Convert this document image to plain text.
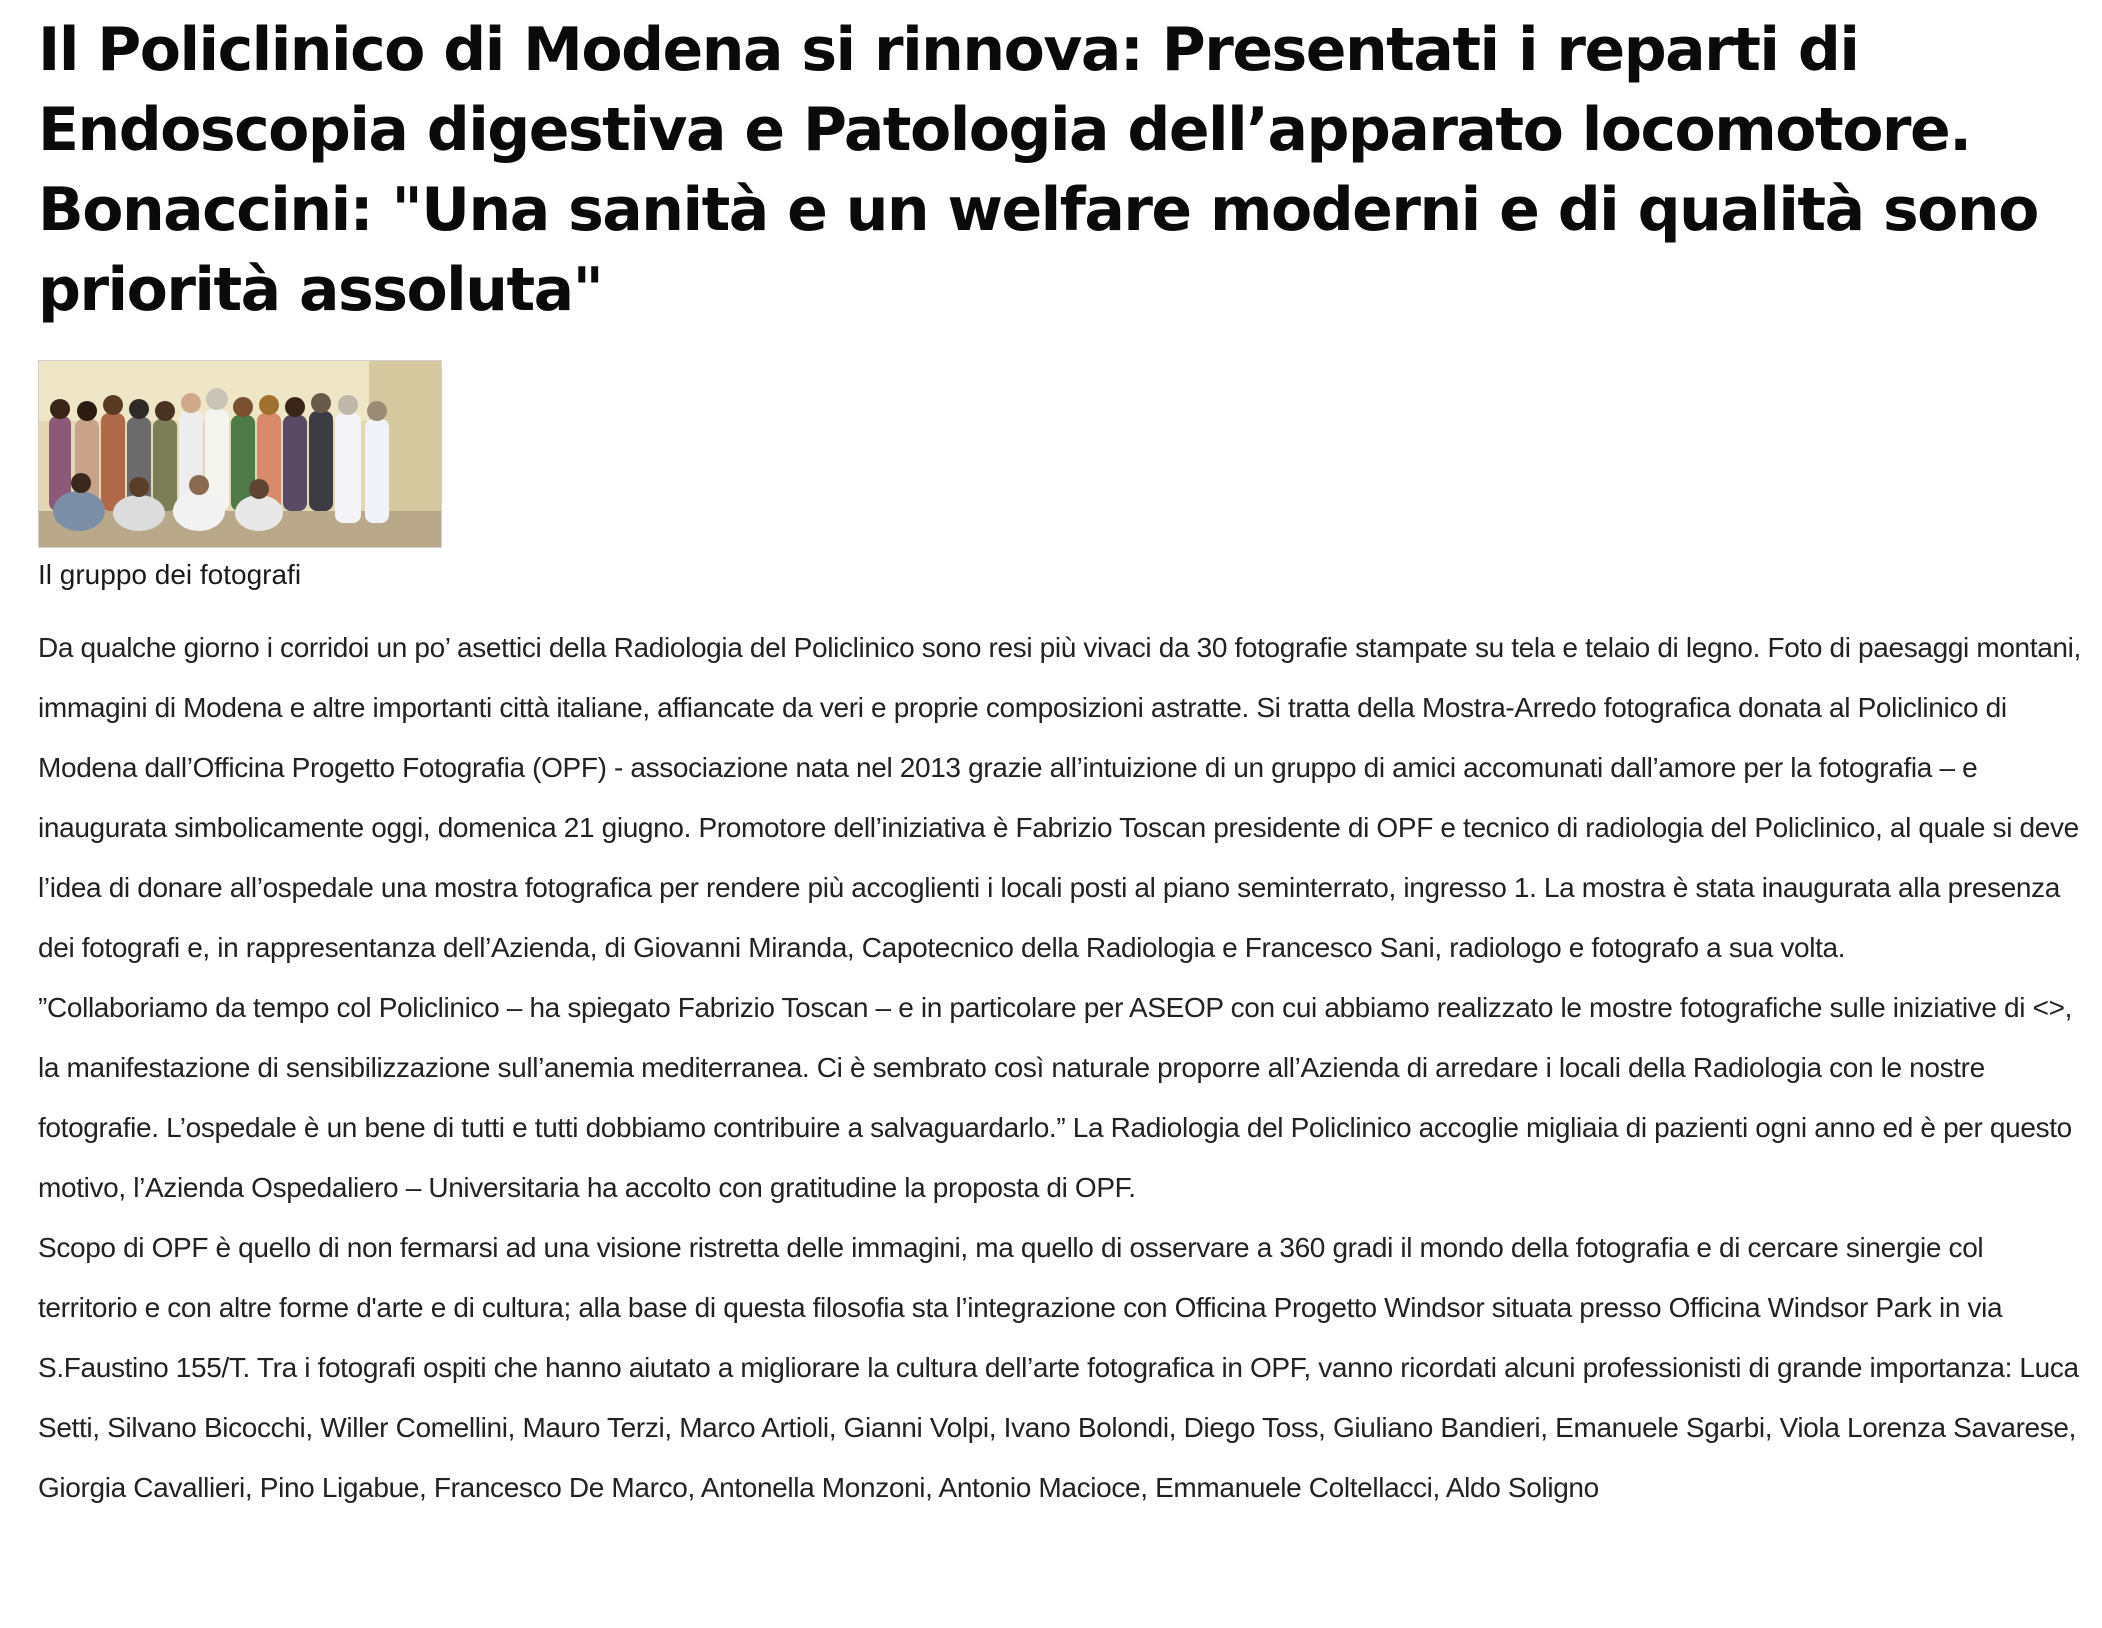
Il Policlinico di Modena si rinnova: Presentati i reparti di Endoscopia digestiva e Patologia dell’apparato locomotore. Bonaccini: "Una sanità e un welfare moderni e di qualità sono priorità assoluta"
Il gruppo dei fotografi

Da qualche giorno i corridoi un po’ asettici della Radiologia del Policlinico sono resi più vivaci da 30 fotografie stampate su tela e telaio di legno. Foto di paesaggi montani, immagini di Modena e altre importanti città italiane, affiancate da veri e proprie composizioni astratte. Si tratta della Mostra-Arredo fotografica donata al Policlinico di Modena dall’Officina Progetto Fotografia (OPF) - associazione nata nel 2013 grazie all’intuizione di un gruppo di amici accomunati dall’amore per la fotografia – e inaugurata simbolicamente oggi, domenica 21 giugno. Promotore dell’iniziativa è Fabrizio Toscan presidente di OPF e tecnico di radiologia del Policlinico, al quale si deve l’idea di donare all’ospedale una mostra fotografica per rendere più accoglienti i locali posti al piano seminterrato, ingresso 1. La mostra è stata inaugurata alla presenza dei fotografi e, in rappresentanza dell’Azienda, di Giovanni Miranda, Capotecnico della Radiologia e Francesco Sani, radiologo e fotografo a sua volta.

”Collaboriamo da tempo col Policlinico – ha spiegato Fabrizio Toscan – e in particolare per ASEOP con cui abbiamo realizzato le mostre fotografiche sulle iniziative di <>, la manifestazione di sensibilizzazione sull’anemia mediterranea. Ci è sembrato così naturale proporre all’Azienda di arredare i locali della Radiologia con le nostre fotografie. L’ospedale è un bene di tutti e tutti dobbiamo contribuire a salvaguardarlo.” La Radiologia del Policlinico accoglie migliaia di pazienti ogni anno ed è per questo motivo, l’Azienda Ospedaliero – Universitaria ha accolto con gratitudine la proposta di OPF.

Scopo di OPF è quello di non fermarsi ad una visione ristretta delle immagini, ma quello di osservare a 360 gradi il mondo della fotografia e di cercare sinergie col territorio e con altre forme d'arte e di cultura; alla base di questa filosofia sta l’integrazione con Officina Progetto Windsor situata presso Officina Windsor Park in via S.Faustino 155/T. Tra i fotografi ospiti che hanno aiutato a migliorare la cultura dell’arte fotografica in OPF, vanno ricordati alcuni professionisti di grande importanza: Luca Setti, Silvano Bicocchi, Willer Comellini, Mauro Terzi, Marco Artioli, Gianni Volpi, Ivano Bolondi, Diego Toss, Giuliano Bandieri, Emanuele Sgarbi, Viola Lorenza Savarese, Giorgia Cavallieri, Pino Ligabue, Francesco De Marco, Antonella Monzoni, Antonio Macioce, Emmanuele Coltellacci, Aldo Soligno
